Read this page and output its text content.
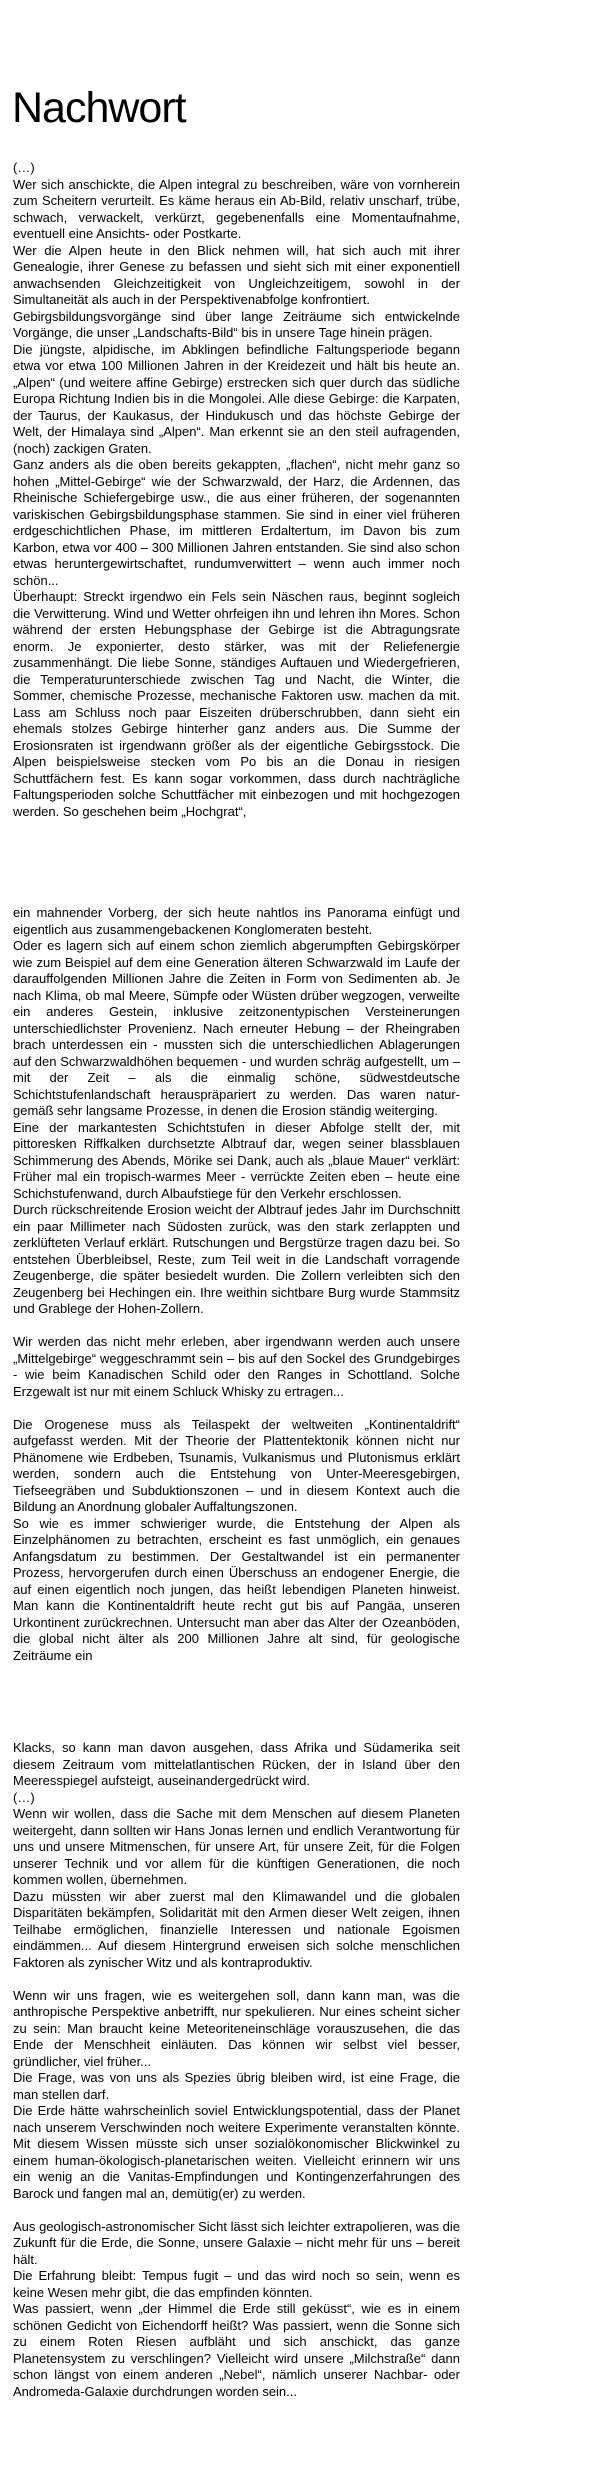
Nachwort

(…)

Wer sich anschickte, die Alpen integral zu beschreiben, wäre von vornherein zum Scheitern verurteilt. Es käme heraus ein Ab-Bild, relativ unscharf, trübe, schwach, verwackelt, verkürzt, gegebenenfalls eine Momentaufnahme, eventuell eine Ansichts- oder Postkarte.

Wer die Alpen heute in den Blick nehmen will, hat sich auch mit ihrer Genealogie, ihrer Genese zu befassen und sieht sich mit einer exponentiell anwachsenden Gleichzeitigkeit von Ungleichzeitigem, sowohl in der Simultaneität als auch in der Perspektivenabfolge konfrontiert.

Gebirgsbildungsvorgänge sind über lange Zeiträume sich entwickelnde Vorgänge, die unser „Landschafts-Bild“ bis in unsere Tage hinein prägen.

Die jüngste, alpidische, im Abklingen befindliche Faltungsperiode begann etwa vor etwa 100 Millionen Jahren in der Kreidezeit und hält bis heute an. „Alpen“ (und weitere affine Gebirge) erstrecken sich quer durch das südliche Europa Richtung Indien bis in die Mongolei. Alle diese Gebirge: die Karpaten, der Taurus, der Kaukasus, der Hindukusch und das höchste Gebirge der Welt, der Himalaya sind „Alpen“. Man erkennt sie an den steil aufragenden, (noch) zackigen Graten.

Ganz anders als die oben bereits gekappten, „flachen“, nicht mehr ganz so hohen „Mittel-Gebirge“ wie der Schwarzwald, der Harz, die Ardennen, das Rheinische Schiefergebirge usw., die aus einer früheren, der sogenannten variskischen Gebirgsbildungsphase stammen. Sie sind in einer viel früheren erdgeschichtlichen Phase, im mittleren Erdaltertum, im Davon bis zum Karbon, etwa vor 400 – 300 Millionen Jahren entstanden. Sie sind also schon etwas heruntergewirtschaftet, rundumverwittert – wenn auch immer noch schön...

Überhaupt: Streckt irgendwo ein Fels sein Näschen raus, beginnt sogleich die Verwitterung. Wind und Wetter ohrfeigen ihn und lehren ihn Mores. Schon während der ersten Hebungsphase der Gebirge ist die Abtragungsrate enorm. Je exponierter, desto stärker, was mit der Reliefenergie zusammenhängt. Die liebe Sonne, ständiges Auftauen und Wiedergefrieren, die Temperaturunterschiede zwischen Tag und Nacht, die Winter, die Sommer, chemische Prozesse, mechanische Faktoren usw. machen da mit. Lass am Schluss noch paar Eiszeiten drüberschrubben, dann sieht ein ehemals stolzes Gebirge hinterher ganz anders aus. Die Summe der Erosionsraten ist irgendwann größer als der eigentliche Gebirgsstock. Die Alpen beispielsweise stecken vom Po bis an die Donau in riesigen Schuttfächern fest. Es kann sogar vorkommen, dass durch nachträgliche Faltungsperioden solche Schuttfächer mit einbezogen und mit hochgezogen werden. So geschehen beim „Hochgrat“,

ein mahnender Vorberg, der sich heute nahtlos ins Panorama einfügt und eigentlich aus zusammengebackenen Konglomeraten besteht.

Oder es lagern sich auf einem schon ziemlich abgerumpften Gebirgskörper wie zum Beispiel auf dem eine Generation älteren Schwarzwald im Laufe der darauffolgenden Millionen Jahre die Zeiten in Form von Sedimenten ab. Je nach Klima, ob mal Meere, Sümpfe oder Wüsten drüber wegzogen, verweilte ein anderes Gestein, inklusive zeitzonentypischen Versteinerungen unterschiedlichster Provenienz. Nach erneuter Hebung – der Rheingraben brach unterdessen ein - mussten sich die unterschiedlichen Ablagerungen auf den Schwarzwaldhöhen bequemen - und wurden schräg aufgestellt, um – mit der Zeit – als die einmalig schöne, südwestdeutsche Schichtstufenlandschaft herauspräpariert zu werden. Das waren natur-gemäß sehr langsame Prozesse, in denen die Erosion ständig weiterging.

Eine der markantesten Schichtstufen in dieser Abfolge stellt der, mit pittoresken Riffkalken durchsetzte Albtrauf dar, wegen seiner blassblauen Schimmerung des Abends, Mörike sei Dank, auch als „blaue Mauer“ verklärt: Früher mal ein tropisch-warmes Meer - verrückte Zeiten eben – heute eine Schichstufenwand, durch Albaufstiege für den Verkehr erschlossen.

Durch rückschreitende Erosion weicht der Albtrauf jedes Jahr im Durchschnitt ein paar Millimeter nach Südosten zurück, was den stark zerlappten und zerklüfteten Verlauf erklärt. Rutschungen und Bergstürze tragen dazu bei. So entstehen Überbleibsel, Reste, zum Teil weit in die Landschaft vorragende Zeugenberge, die später besiedelt wurden. Die Zollern verleibten sich den Zeugenberg bei Hechingen ein. Ihre weithin sichtbare Burg wurde Stammsitz und Grablege der Hohen-Zollern.

Wir werden das nicht mehr erleben, aber irgendwann werden auch unsere „Mittelgebirge“ weggeschrammt sein – bis auf den Sockel des Grundgebirges - wie beim Kanadischen Schild oder den Ranges in Schottland. Solche Erzgewalt ist nur mit einem Schluck Whisky zu ertragen...

Die Orogenese muss als Teilaspekt der weltweiten „Kontinentaldrift“ aufgefasst werden. Mit der Theorie der Plattentektonik können nicht nur Phänomene wie Erdbeben, Tsunamis, Vulkanismus und Plutonismus erklärt werden, sondern auch die Entstehung von Unter-Meeresgebirgen, Tiefseegräben und Subduktionszonen – und in diesem Kontext auch die Bildung an Anordnung globaler Auffaltungszonen.

So wie es immer schwieriger wurde, die Entstehung der Alpen als Einzelphänomen zu betrachten, erscheint es fast unmöglich, ein genaues Anfangsdatum zu bestimmen. Der Gestaltwandel ist ein permanenter Prozess, hervorgerufen durch einen Überschuss an endogener Energie, die auf einen eigentlich noch jungen, das heißt lebendigen Planeten hinweist. Man kann die Kontinentaldrift heute recht gut bis auf Pangäa, unseren Urkontinent zurückrechnen. Untersucht man aber das Alter der Ozeanböden, die global nicht älter als 200 Millionen Jahre alt sind, für geologische Zeiträume ein

Klacks, so kann man davon ausgehen, dass Afrika und Südamerika seit diesem Zeitraum vom mittelatlantischen Rücken, der in Island über den Meeresspiegel aufsteigt, auseinandergedrückt wird.

(…)

Wenn wir wollen, dass die Sache mit dem Menschen auf diesem Planeten weitergeht, dann sollten wir Hans Jonas lernen und endlich Verantwortung für uns und unsere Mitmenschen, für unsere Art, für unsere Zeit, für die Folgen unserer Technik und vor allem für die künftigen Generationen, die noch kommen wollen, übernehmen.

Dazu müssten wir aber zuerst mal den Klimawandel und die globalen Disparitäten bekämpfen, Solidarität mit den Armen dieser Welt zeigen, ihnen Teilhabe ermöglichen, finanzielle Interessen und nationale Egoismen eindämmen... Auf diesem Hintergrund erweisen sich solche menschlichen Faktoren als zynischer Witz und als kontraproduktiv.

Wenn wir uns fragen, wie es weitergehen soll, dann kann man, was die anthropische Perspektive anbetrifft, nur spekulieren. Nur eines scheint sicher zu sein: Man braucht keine Meteoriteneinschläge vorauszusehen, die das Ende der Menschheit einläuten. Das können wir selbst viel besser, gründlicher, viel früher...

Die Frage, was von uns als Spezies übrig bleiben wird, ist eine Frage, die man stellen darf.

Die Erde hätte wahrscheinlich soviel Entwicklungspotential, dass der Planet nach unserem Verschwinden noch weitere Experimente veranstalten könnte. Mit diesem Wissen müsste sich unser sozialökonomischer Blickwinkel zu einem human-ökologisch-planetarischen weiten. Vielleicht erinnern wir uns ein wenig an die Vanitas-Empfindungen und Kontingenzerfahrungen des Barock und fangen mal an, demütig(er) zu werden.

Aus geologisch-astronomischer Sicht lässt sich leichter extrapolieren, was die Zukunft für die Erde, die Sonne, unsere Galaxie – nicht mehr für uns – bereit hält.

Die Erfahrung bleibt: Tempus fugit – und das wird noch so sein, wenn es keine Wesen mehr gibt, die das empfinden könnten.

Was passiert, wenn „der Himmel die Erde still geküsst“, wie es in einem schönen Gedicht von Eichendorff heißt? Was passiert, wenn die Sonne sich zu einem Roten Riesen aufbläht und sich anschickt, das ganze Planetensystem zu verschlingen? Vielleicht wird unsere „Milchstraße“ dann schon längst von einem anderen „Nebel“, nämlich unserer Nachbar- oder Andromeda-Galaxie durchdrungen worden sein...
